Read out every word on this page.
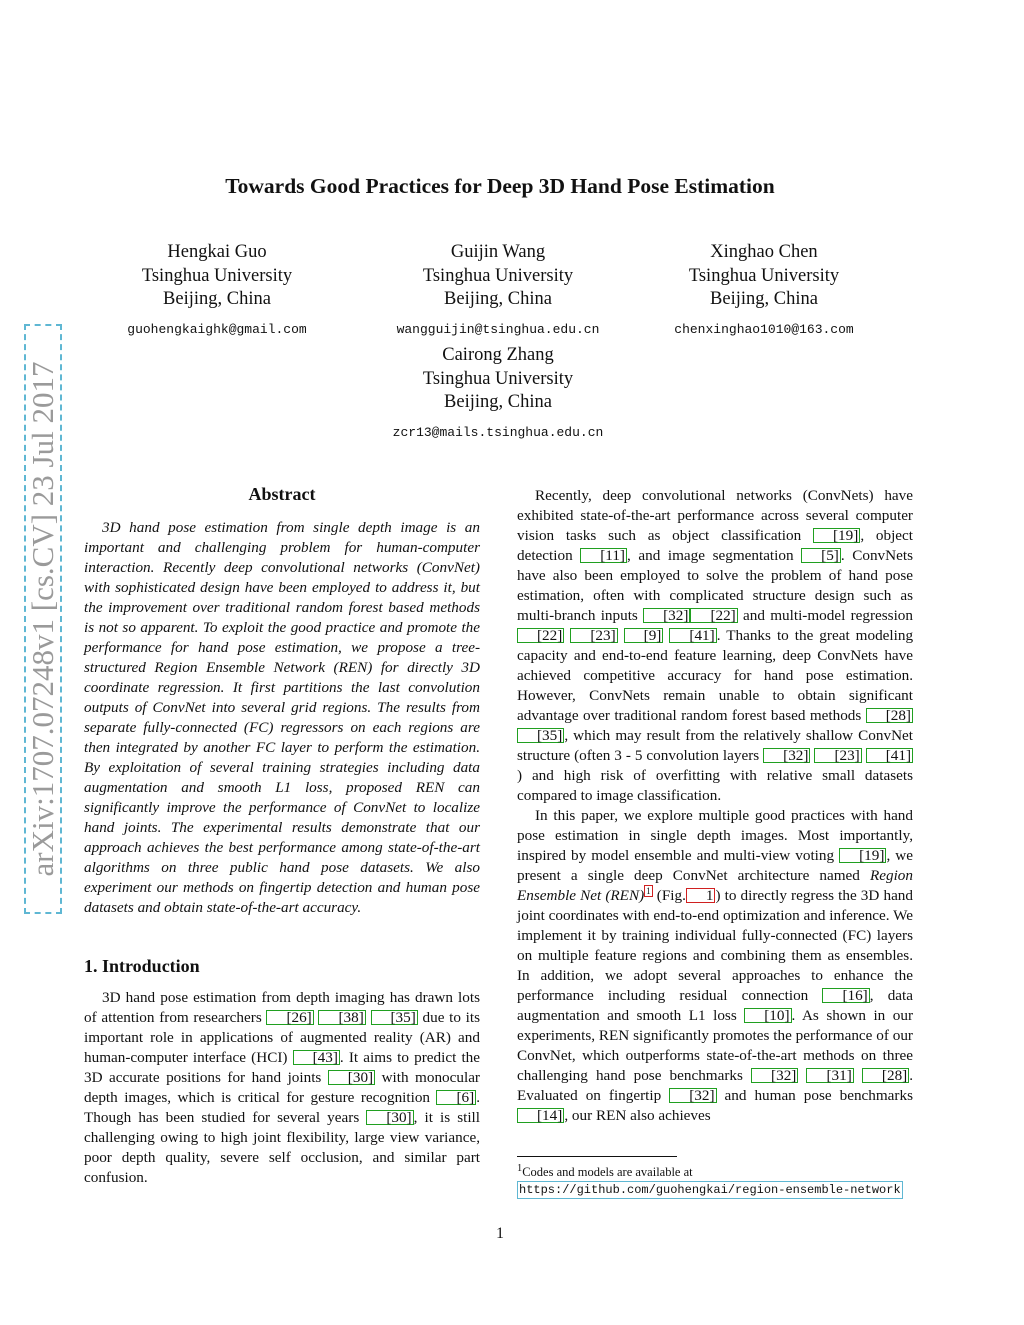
arXiv:1707.07248v1 [cs.CV] 23 Jul 2017
Towards Good Practices for Deep 3D Hand Pose Estimation
Hengkai Guo
Tsinghua University
Beijing, China
guohengkaighk@gmail.com
Guijin Wang
Tsinghua University
Beijing, China
wangguijin@tsinghua.edu.cn
Xinghao Chen
Tsinghua University
Beijing, China
chenxinghao1010@163.com
Cairong Zhang
Tsinghua University
Beijing, China
zcr13@mails.tsinghua.edu.cn
Abstract

3D hand pose estimation from single depth image is an important and challenging problem for human-computer interaction. Recently deep convolutional networks (ConvNet) with sophisticated design have been employed to address it, but the improvement over traditional random forest based methods is not so apparent. To exploit the good practice and promote the performance for hand pose estimation, we propose a tree-structured Region Ensemble Network (REN) for directly 3D coordinate regression. It first partitions the last convolution outputs of ConvNet into several grid regions. The results from separate fully-connected (FC) regressors on each regions are then integrated by another FC layer to perform the estimation. By exploitation of several training strategies including data augmentation and smooth L1 loss, proposed REN can significantly improve the performance of ConvNet to localize hand joints. The experimental results demonstrate that our approach achieves the best performance among state-of-the-art algorithms on three public hand pose datasets. We also experiment our methods on fingertip detection and human pose datasets and obtain state-of-the-art accuracy.

1. Introduction

3D hand pose estimation from depth imaging has drawn lots of attention from researchers [26] [38] [35] due to its important role in applications of augmented reality (AR) and human-computer interface (HCI) [43] . It aims to predict the 3D accurate positions for hand joints [30] with monocular depth images, which is critical for gesture recognition [6] . Though has been studied for several years [30] , it is still challenging owing to high joint flexibility, large view variance, poor depth quality, severe self occlusion, and similar part confusion.

Recently, deep convolutional networks (ConvNets) have exhibited state-of-the-art performance across several computer vision tasks such as object classification [19] , object detection [11] , and image segmentation [5] . ConvNets have also been employed to solve the problem of hand pose estimation, often with complicated structure design such as multi-branch inputs [32] [22] and multi-model regression [22] [23] [9] [41] . Thanks to the great modeling capacity and end-to-end feature learning, deep ConvNets have achieved competitive accuracy for hand pose estimation. However, ConvNets remain unable to obtain significant advantage over traditional random forest based methods [28] [35] , which may result from the relatively shallow ConvNet structure (often 3 - 5 convolution layers [32] [23] [41]) and high risk of overfitting with relative small datasets compared to image classification.

In this paper, we explore multiple good practices with hand pose estimation in single depth images. Most importantly, inspired by model ensemble and multi-view voting [19] , we present a single deep ConvNet architecture named Region Ensemble Net (REN) $^1$ (Fig. 1 ) to directly regress the 3D hand joint coordinates with end-to-end optimization and inference. We implement it by training individual fully-connected (FC) layers on multiple feature regions and combining them as ensembles. In addition, we adopt several approaches to enhance the performance including residual connection [16] , data augmentation and smooth L1 loss [10] . As shown in our experiments, REN significantly promotes the performance of our ConvNet, which outperforms state-of-the-art methods on three challenging hand pose benchmarks [32] [31] [28] . Evaluated on fingertip [32] and human pose benchmarks [14] , our REN also achieves

$^1$Codes and models are available at
https://github.com/guohengkai/region-ensemble-network
1
